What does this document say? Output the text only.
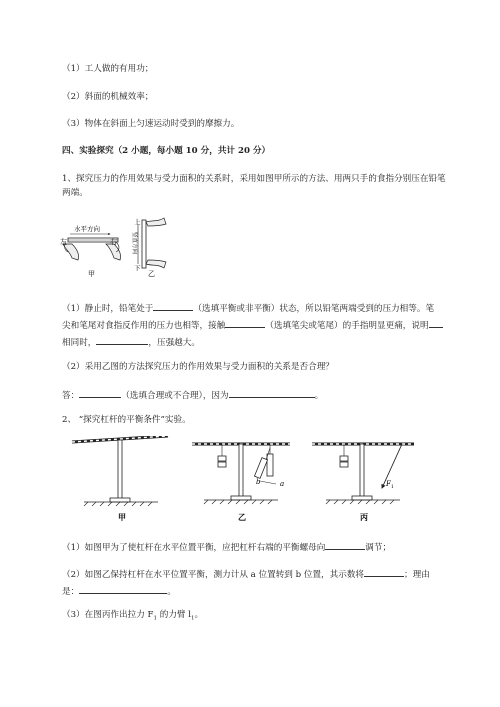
（1）工人做的有用功；
（2）斜面的机械效率；
（3）物体在斜面上匀速运动时受到的摩擦力。
四、实验探究（2 小题，每小题 10 分，共计 20 分）
1、探究压力的作用效果与受力面积的关系时，采用如图甲所示的方法、用两只手的食指分别压在铅笔
两端。
左	右
水平方向
甲
上
下
乙
竖直方向
（1）静止时，铅笔处于	（选填平衡或非平衡）状态，所以铅笔两端受到的压力相等。笔
尖和笔尾对食指反作用的压力也相等，接触	（选填笔尖或笔尾）的手指明显更痛，说明
相同时，	，压强越大。
（2）采用乙图的方法探究压力的作用效果与受力面积的关系是否合理？
答：	（选填合理或不合理），因为	。
2、 “探究杠杆的平衡条件”实验。
甲
b	a
乙
F 1
丙
（1）如图甲为了使杠杆在水平位置平衡，应把杠杆右端的平衡螺母向	调节；
（2）如图乙保持杠杆在水平位置平衡，测力计从 a 位置转到 b 位置，其示数将	；理由
是：	。
（3）在图丙作出拉力 $F_1$ 的力臂 $l_1$。
